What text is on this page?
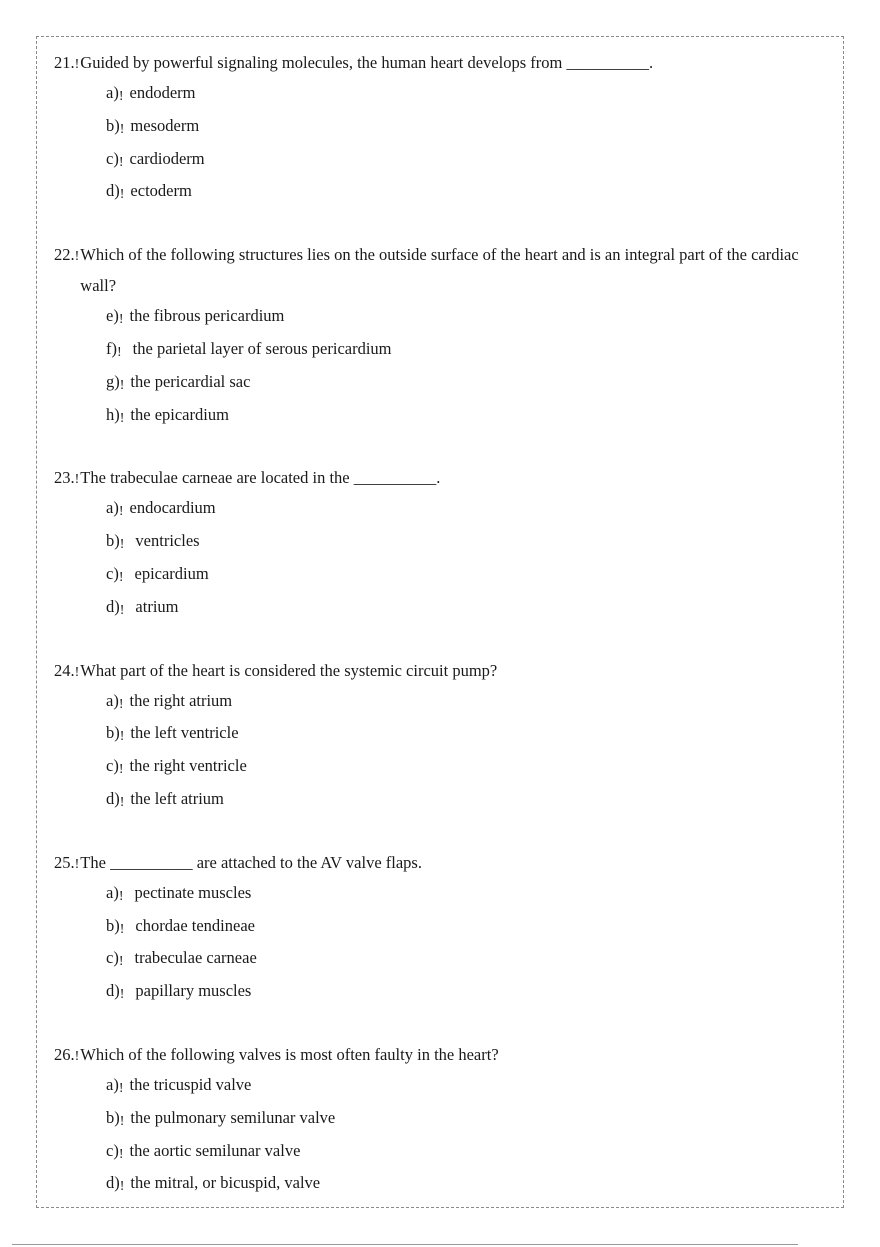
21. ! Guided by powerful signaling molecules, the human heart develops from __________.
a)! endoderm
b)! mesoderm
c)! cardioderm
d)! ectoderm
22. ! Which of the following structures lies on the outside surface of the heart and is an integral part of the cardiac wall?
e)! the fibrous pericardium
f)! the parietal layer of serous pericardium
g)! the pericardial sac
h)! the epicardium
23. ! The trabeculae carneae are located in the __________.
a)! endocardium
b)! ventricles
c)! epicardium
d)! atrium
24. ! What part of the heart is considered the systemic circuit pump?
a)! the right atrium
b)! the left ventricle
c)! the right ventricle
d)! the left atrium
25. ! The __________ are attached to the AV valve flaps.
a)! pectinate muscles
b)! chordae tendineae
c)! trabeculae carneae
d)! papillary muscles
26. ! Which of the following valves is most often faulty in the heart?
a)! the tricuspid valve
b)! the pulmonary semilunar valve
c)! the aortic semilunar valve
d)! the mitral, or bicuspid, valve
